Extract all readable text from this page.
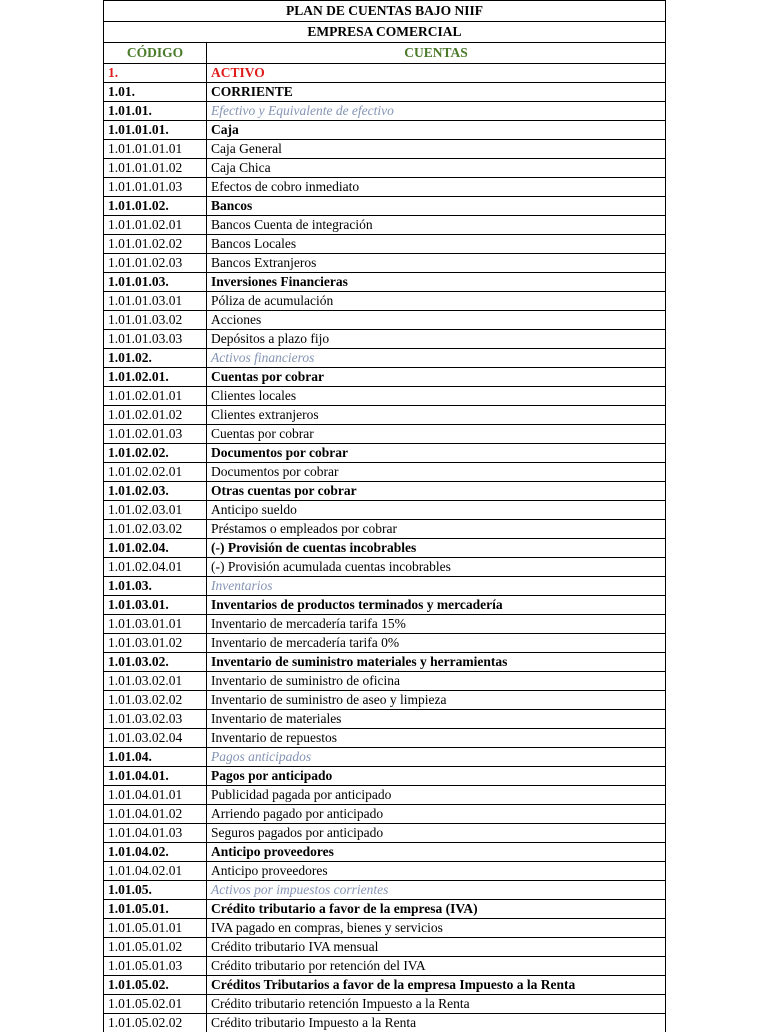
PLAN DE CUENTAS BAJO NIIF	
EMPRESA COMERCIAL	
CÓDIGO	CUENTAS
1.	ACTIVO
1.01.	CORRIENTE
1.01.01.	Efectivo y Equivalente de efectivo
1.01.01.01.	Caja
1.01.01.01.01	Caja General
1.01.01.01.02	Caja Chica
1.01.01.01.03	Efectos de cobro inmediato
1.01.01.02.	Bancos
1.01.01.02.01	Bancos Cuenta de integración
1.01.01.02.02	Bancos Locales
1.01.01.02.03	Bancos Extranjeros
1.01.01.03.	Inversiones Financieras
1.01.01.03.01	Póliza de acumulación
1.01.01.03.02	Acciones
1.01.01.03.03	Depósitos a plazo fijo
1.01.02.	Activos financieros
1.01.02.01.	Cuentas por cobrar
1.01.02.01.01	Clientes locales
1.01.02.01.02	Clientes extranjeros
1.01.02.01.03	Cuentas por cobrar
1.01.02.02.	Documentos por cobrar
1.01.02.02.01	Documentos por cobrar
1.01.02.03.	Otras cuentas por cobrar
1.01.02.03.01	Anticipo sueldo
1.01.02.03.02	Préstamos o empleados por cobrar
1.01.02.04.	(-) Provisión de cuentas incobrables
1.01.02.04.01	(-) Provisión acumulada cuentas incobrables
1.01.03.	Inventarios
1.01.03.01.	Inventarios de productos terminados y mercadería
1.01.03.01.01	Inventario de mercadería tarifa 15%
1.01.03.01.02	Inventario de mercadería tarifa 0%
1.01.03.02.	Inventario de suministro materiales y herramientas
1.01.03.02.01	Inventario de suministro de oficina
1.01.03.02.02	Inventario de suministro de aseo y limpieza
1.01.03.02.03	Inventario de materiales
1.01.03.02.04	Inventario de repuestos
1.01.04.	Pagos anticipados
1.01.04.01.	Pagos por anticipado
1.01.04.01.01	Publicidad pagada por anticipado
1.01.04.01.02	Arriendo pagado por anticipado
1.01.04.01.03	Seguros pagados por anticipado
1.01.04.02.	Anticipo proveedores
1.01.04.02.01	Anticipo proveedores
1.01.05.	Activos por impuestos corrientes
1.01.05.01.	Crédito tributario a favor de la empresa (IVA)
1.01.05.01.01	IVA pagado en compras, bienes y servicios
1.01.05.01.02	Crédito tributario IVA mensual
1.01.05.01.03	Crédito tributario por retención del IVA
1.01.05.02.	Créditos Tributarios a favor de la empresa Impuesto a la Renta
1.01.05.02.01	Crédito tributario retención Impuesto a la Renta
1.01.05.02.02	Crédito tributario Impuesto a la Renta
